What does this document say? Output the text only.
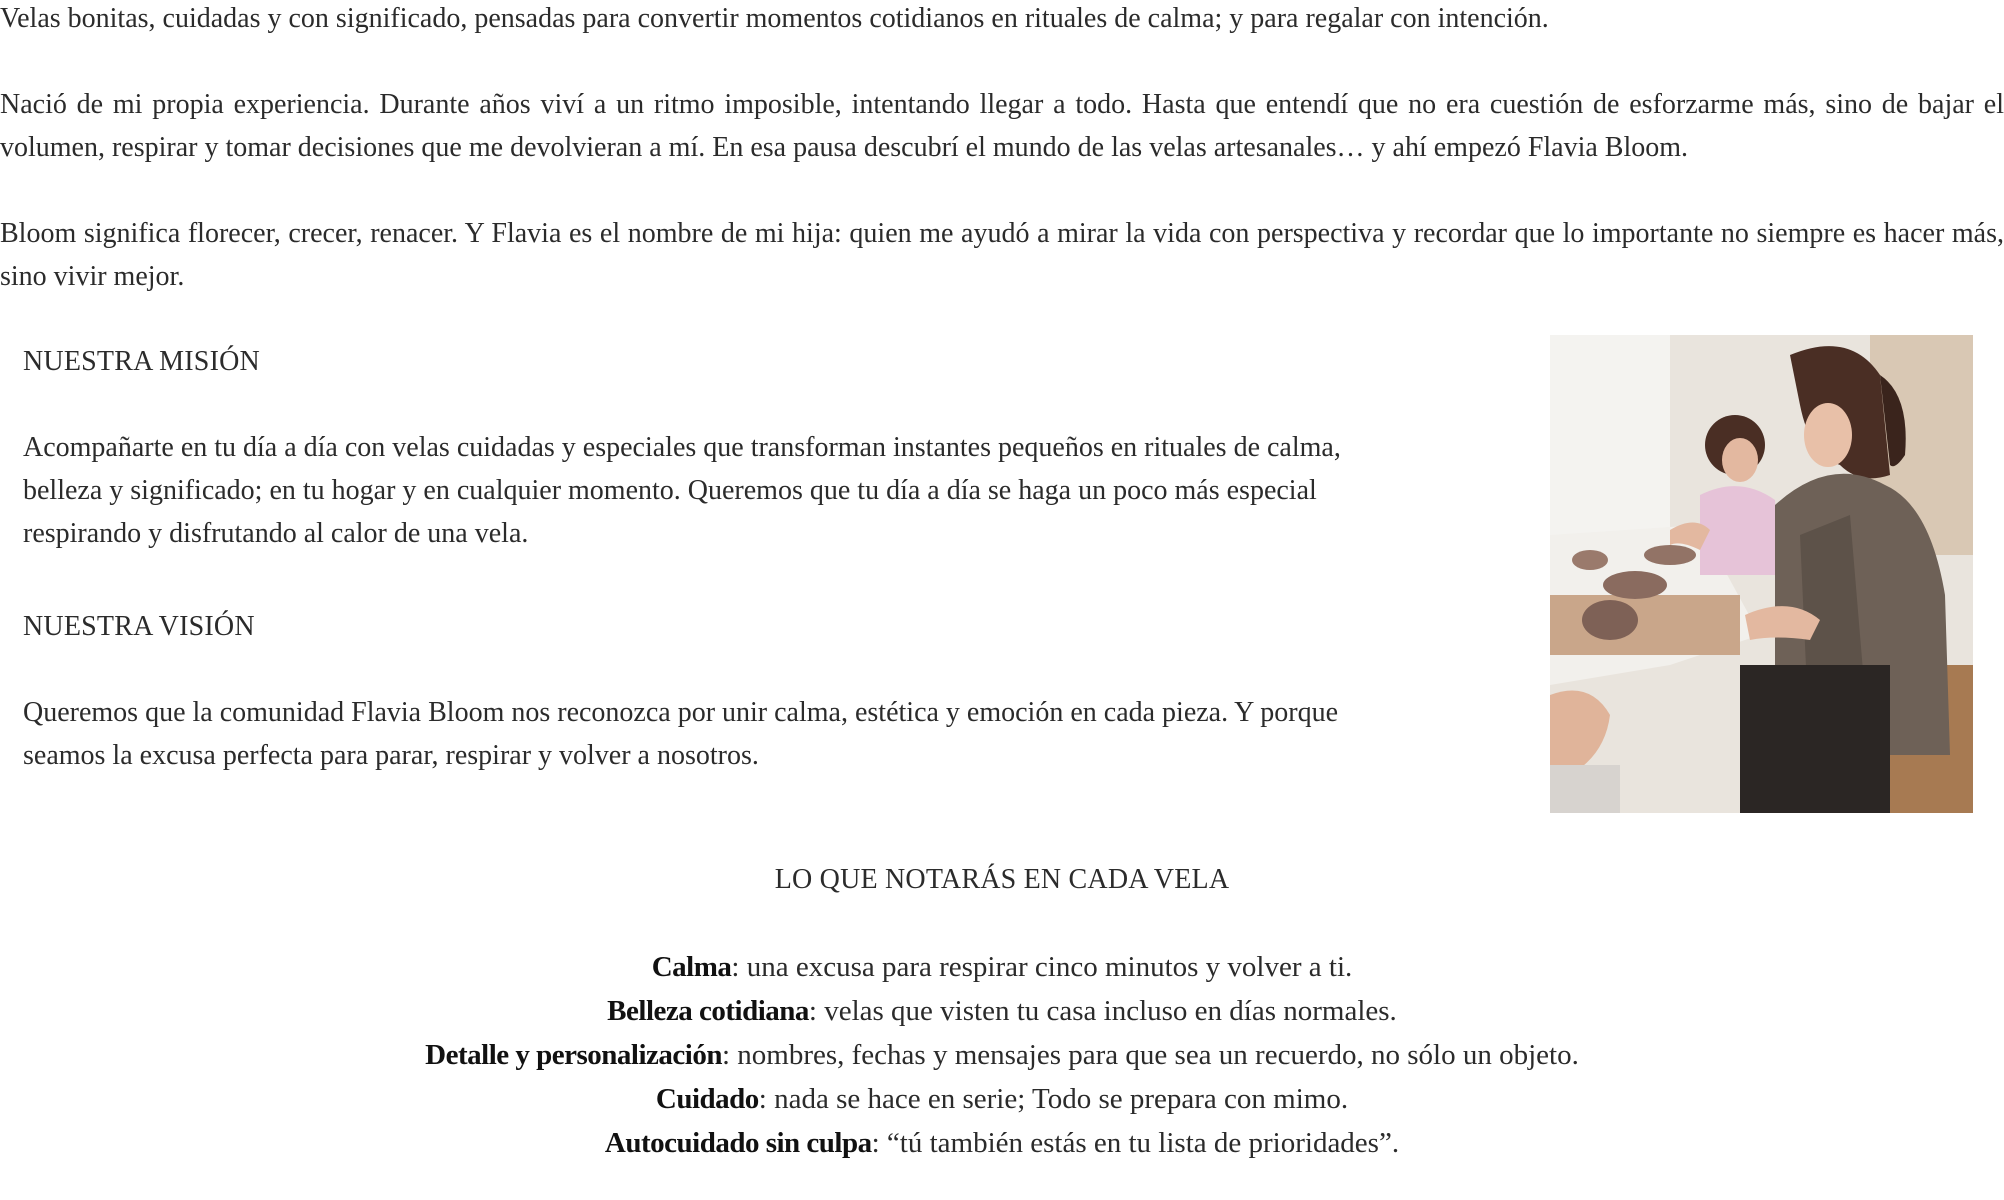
Velas bonitas, cuidadas y con significado, pensadas para convertir momentos cotidianos en rituales de calma; y para regalar con intención.

Nació de mi propia experiencia. Durante años viví a un ritmo imposible, intentando llegar a todo. Hasta que entendí que no era cuestión de esforzarme más, sino de bajar el volumen, respirar y tomar decisiones que me devolvieran a mí. En esa pausa descubrí el mundo de las velas artesanales… y ahí empezó Flavia Bloom.

Bloom significa florecer, crecer, renacer. Y Flavia es el nombre de mi hija: quien me ayudó a mirar la vida con perspectiva y recordar que lo importante no siempre es hacer más, sino vivir mejor.

NUESTRA MISIÓN
Acompañarte en tu día a día con velas cuidadas y especiales que transforman instantes pequeños en rituales de calma, belleza y significado; en tu hogar y en cualquier momento. Queremos que tu día a día se haga un poco más especial respirando y disfrutando al calor de una vela.
NUESTRA VISIÓN
Queremos que la comunidad Flavia Bloom nos reconozca por unir calma, estética y emoción en cada pieza. Y porque seamos la excusa perfecta para parar, respirar y volver a nosotros.
LO QUE NOTARÁS EN CADA VELA
Calma: una excusa para respirar cinco minutos y volver a ti.
Belleza cotidiana: velas que visten tu casa incluso en días normales.
Detalle y personalización: nombres, fechas y mensajes para que sea un recuerdo, no sólo un objeto.
Cuidado: nada se hace en serie; Todo se prepara con mimo.
Autocuidado sin culpa: “tú también estás en tu lista de prioridades”.
